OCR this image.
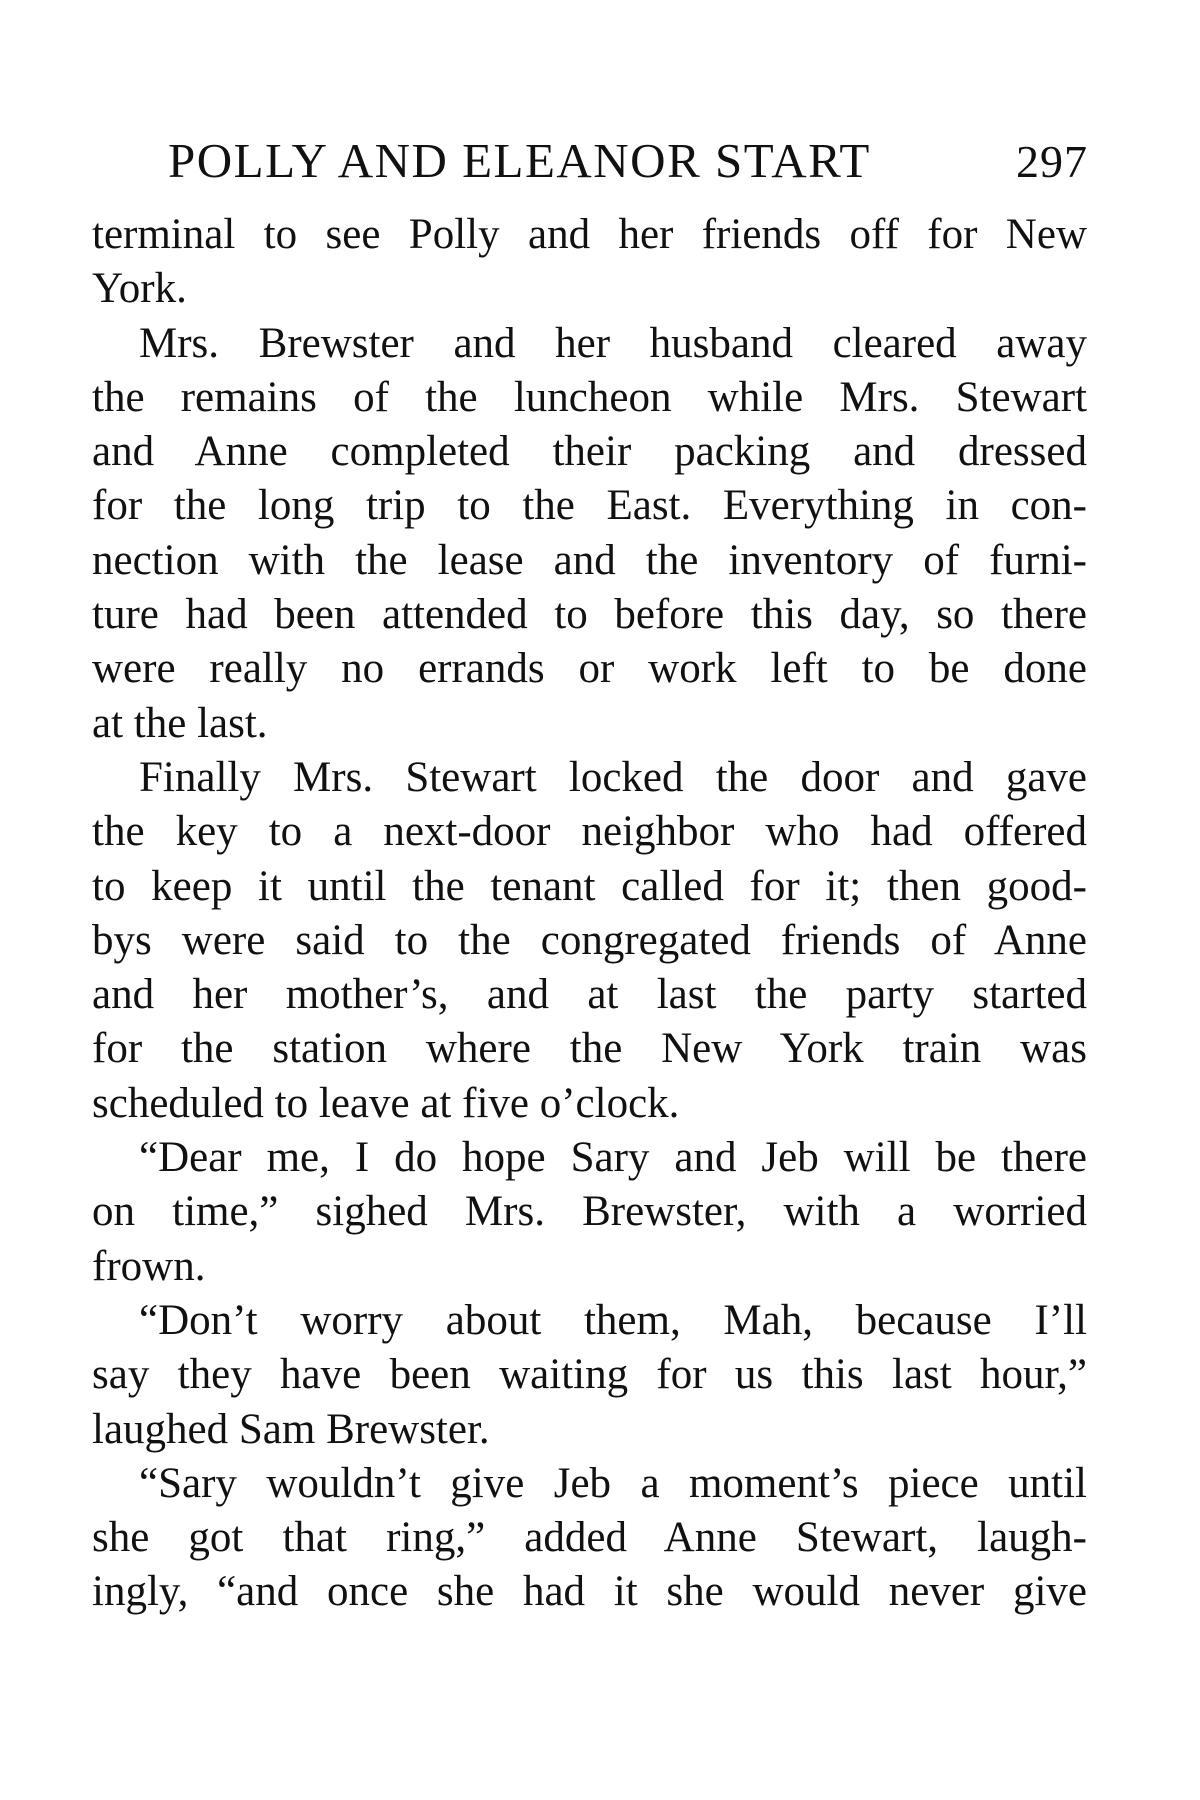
POLLY AND ELEANOR START	297
terminal to see Polly and her friends off for New
York.
Mrs. Brewster and her husband cleared away
the remains of the luncheon while Mrs. Stewart
and Anne completed their packing and dressed
for the long trip to the East. Everything in con-
nection with the lease and the inventory of furni-
ture had been attended to before this day, so there
were really no errands or work left to be done
at the last.
Finally Mrs. Stewart locked the door and gave
the key to a next-door neighbor who had offered
to keep it until the tenant called for it; then good-
bys were said to the congregated friends of Anne
and her mother’s, and at last the party started
for the station where the New York train was
scheduled to leave at five o’clock.
“Dear me, I do hope Sary and Jeb will be there
on time,” sighed Mrs. Brewster, with a worried
frown.
“Don’t worry about them, Mah, because I’ll
say they have been waiting for us this last hour,”
laughed Sam Brewster.
“Sary wouldn’t give Jeb a moment’s piece until
she got that ring,” added Anne Stewart, laugh-
ingly, “and once she had it she would never give
